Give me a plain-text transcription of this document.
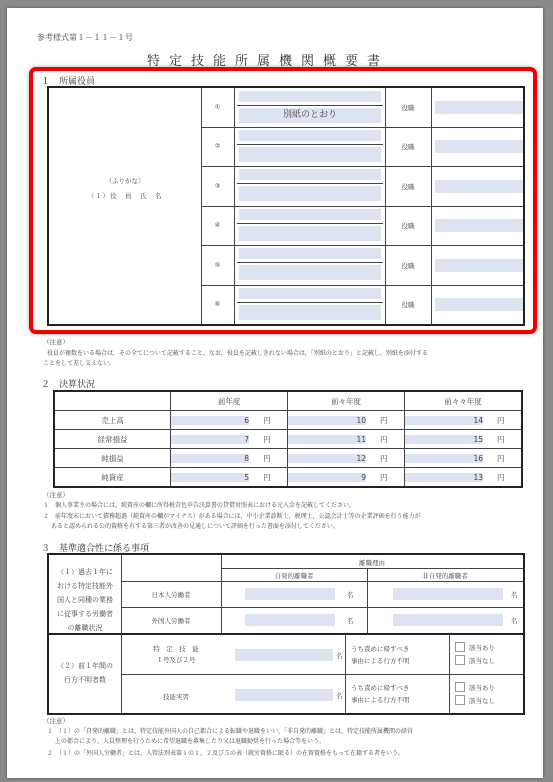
参考様式第１－１１－１号
特定技能所属機関概要書
１　所属役員
（ふりがな）
（１）役　員　氏　名
①
別紙のとおり
役職
②	役職
③	役職
④	役職
⑤	役職
⑥	役職
（注意）
役員が複数をいる場合は、その全てについて記載すること。なお，役員を記載しきれない場合は，「別紙のとおり」と記載し，別紙を添付する
ことをして差し支えない。
２　決算状況
	前年度	前々年度	前々々年度
売上高	6 円	10 円	14 円
経常損益	7 円	11 円	15 円
純損益	8 円	12 円	16 円
純資産	5 円	9 円	13 円
（注意）
１　個人事業主の場合には，純資産の欄に所得税青色申告決算書の貸借対照表における元入金を記載してください。
２　前年度末において債務超過（純資産の欄がマイナス）がある場合には，中小企業診断士，税理士，公認会計士等の企業評価を行う能力が
あると認められる公的資格を有する第三者が改善の見通しについて評価を行った書面を添付してください。
３　基準適合性に係る事項
（１）過去１年に
おける特定技能外
国人と同種の業務
に従事する労働者
の離職状況
離職理由
自発的離職者	非自発的離職者
日本人労働者	名	名
外国人労働者	名	名
（２）前１年間の
行方不明者数
特　定　技　能
１号及び２号	名
うち責めに帰すべき
事由による行方不明
該当あり
該当なし
技能実習	名
うち責めに帰すべき
事由による行方不明
該当あり
該当なし
（注意）
１　（１）の「自発的離職」とは，特定技能外国人の自己都合による転職や退職をいい，「非自発的離職」とは，特定技能所属機関の経営
上の都合により，人員整理を行うために希望退職を募集したり又は退職勧奨を行った場合等をいう。
２　（１）の「外国人労働者」とは，入管法別表第１の１，２及び５の表（就労資格に限る）の在留資格をもって在籍する者をいう。
